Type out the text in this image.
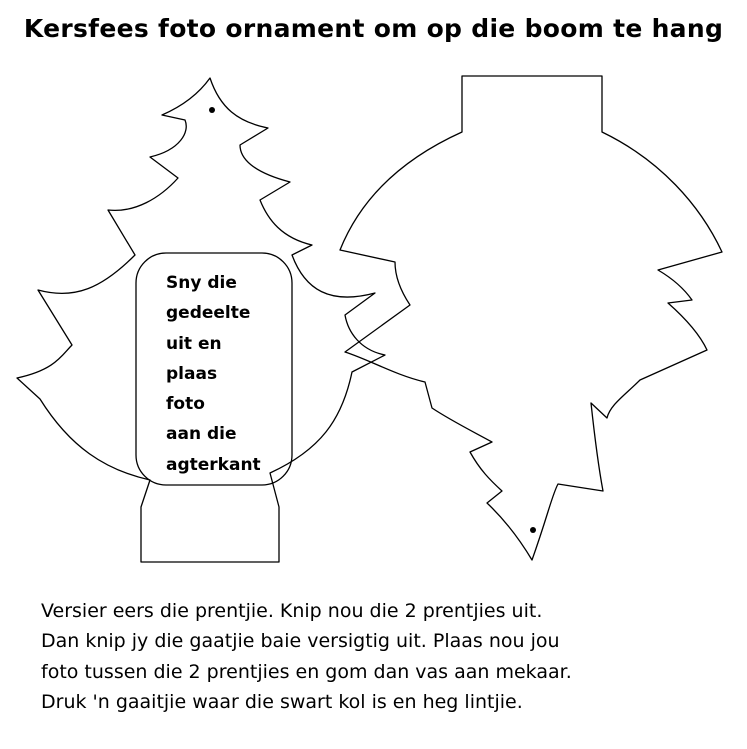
Kersfees foto ornament om op die boom te hang
Sny die
gedeelte
uit en
plaas
foto
aan die
agterkant
Versier eers die prentjie. Knip nou die 2 prentjies uit.
Dan knip jy die gaatjie baie versigtig uit. Plaas nou jou
foto tussen die 2 prentjies en gom dan vas aan mekaar.
Druk 'n gaaitjie waar die swart kol is en heg lintjie.
